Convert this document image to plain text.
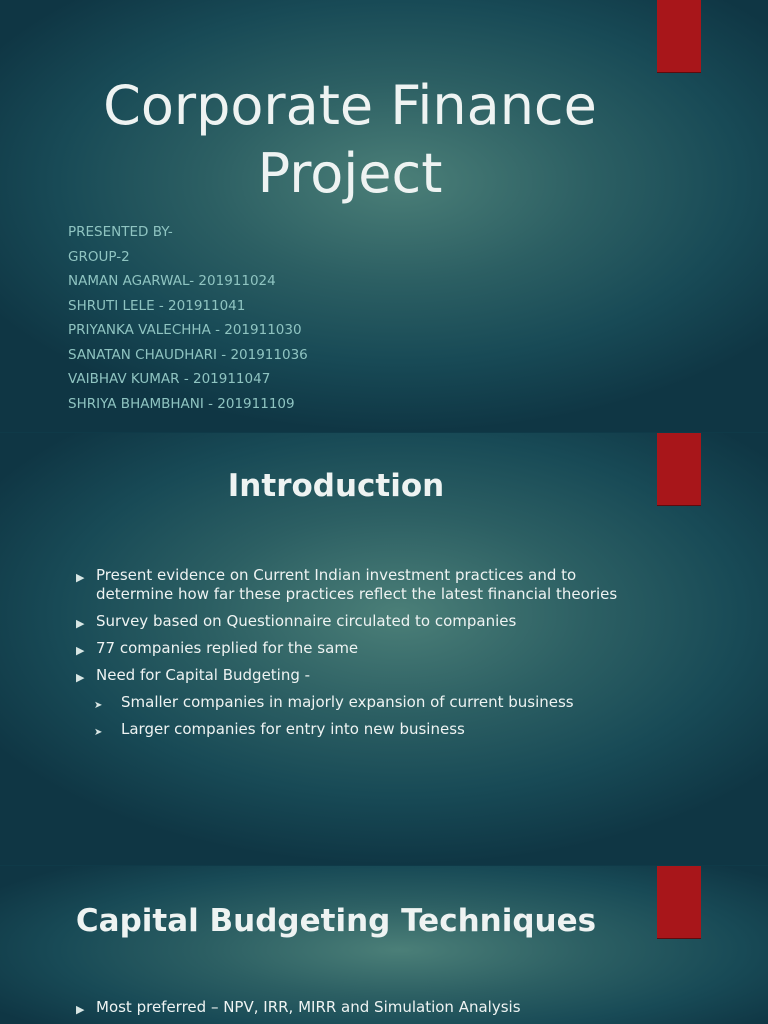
Corporate Finance Project
PRESENTED BY-
GROUP-2
NAMAN AGARWAL- 201911024
SHRUTI LELE - 201911041
PRIYANKA VALECHHA - 201911030
SANATAN CHAUDHARI - 201911036
VAIBHAV KUMAR - 201911047
SHRIYA BHAMBHANI - 201911109
Introduction
▶ Present evidence on Current Indian investment practices and to determine how far these practices reflect the latest financial theories
▶ Survey based on Questionnaire circulated to companies
▶ 77 companies replied for the same
▶ Need for Capital Budgeting -
➤ Smaller companies in majorly expansion of current business
➤ Larger companies for entry into new business
Capital Budgeting Techniques
▶ Most preferred – NPV, IRR, MIRR and Simulation Analysis
